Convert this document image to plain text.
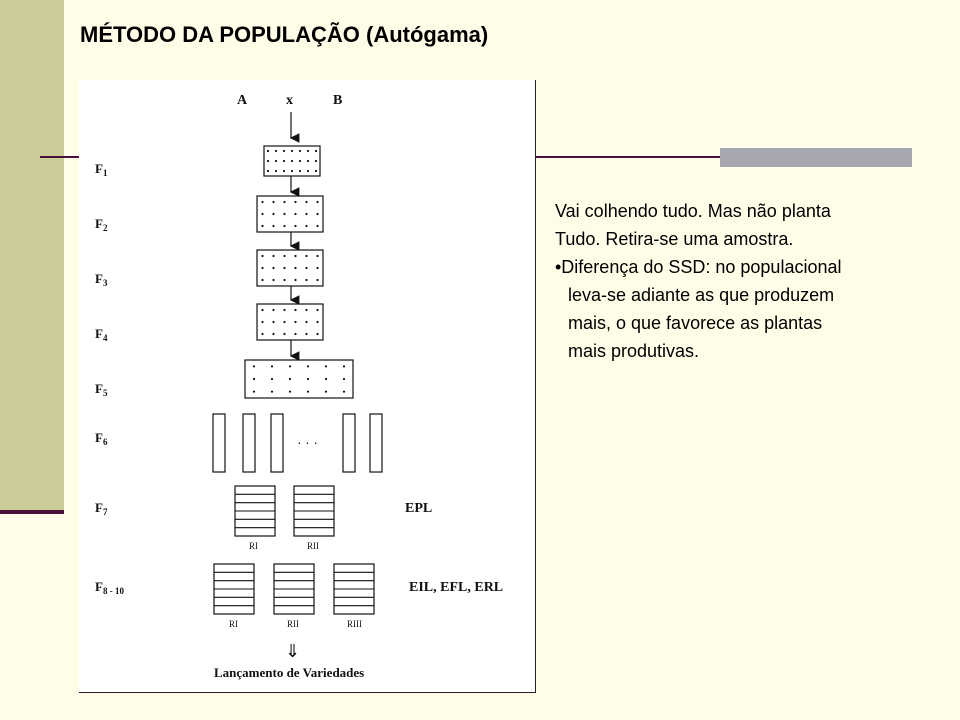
MÉTODO DA POPULAÇÃO (Autógama)
A	x	B
· · ·
RI	RII
EPL
RI	RII	RIII
EIL, EFL, ERL
⇓
Lançamento de Variedades
$F_1$
$F_2$
$F_3$
$F_4$
$F_5$
$F_6$
$F_7$
$F_{8 - 10}$

Vai colhendo tudo. Mas não planta

Tudo. Retira-se uma amostra.

•Diferença do SSD: no populacional

leva-se adiante as que produzem

mais, o que favorece as plantas

mais produtivas.
